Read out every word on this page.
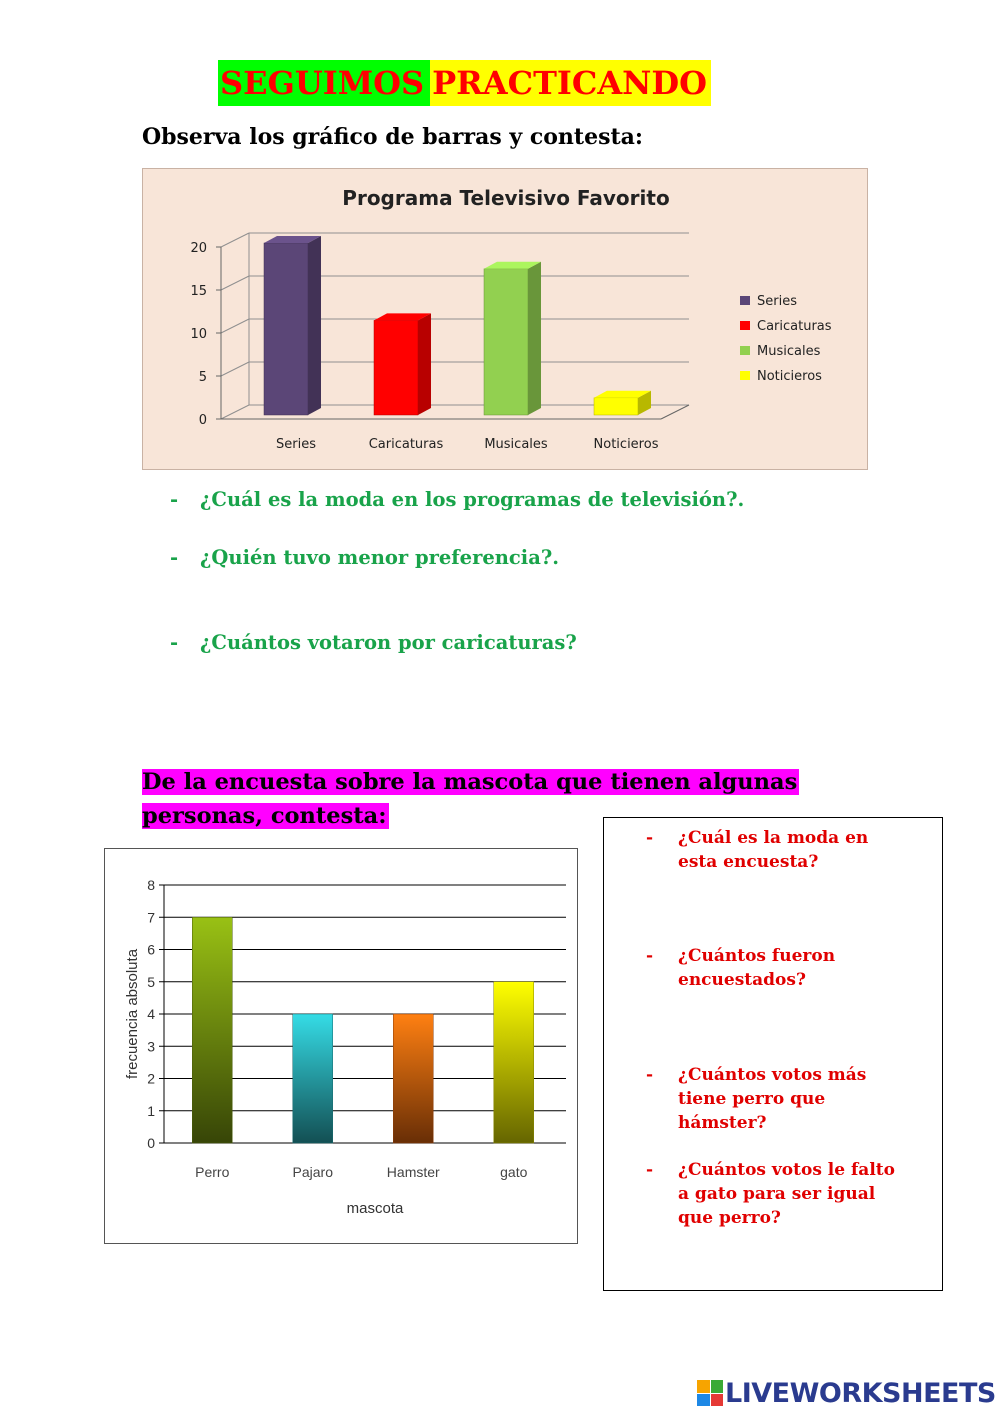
SEGUIMOS PRACTICANDO
Observa los gráfico de barras y contesta:
Programa Televisivo Favorito
0
5
10
15
20
Series	Caricaturas	Musicales	Noticieros
Series
Caricaturas
Musicales
Noticieros
- ¿Cuál es la moda en los programas de televisión?.
- ¿Quién tuvo menor preferencia?.
- ¿Cuántos votaron por caricaturas?
De la encuesta sobre la mascota que tienen algunas
personas, contesta:
0
1
2
3
4
5
6
7
8
Perro	Pajaro	Hamster	gato
mascota
frecuencia absoluta
- ¿Cuál es la moda en esta encuesta?
- ¿Cuántos fueron encuestados?
- ¿Cuántos votos más tiene perro que hámster?
- ¿Cuántos votos le falto a gato para ser igual que perro?
LIVEWORKSHEETS
